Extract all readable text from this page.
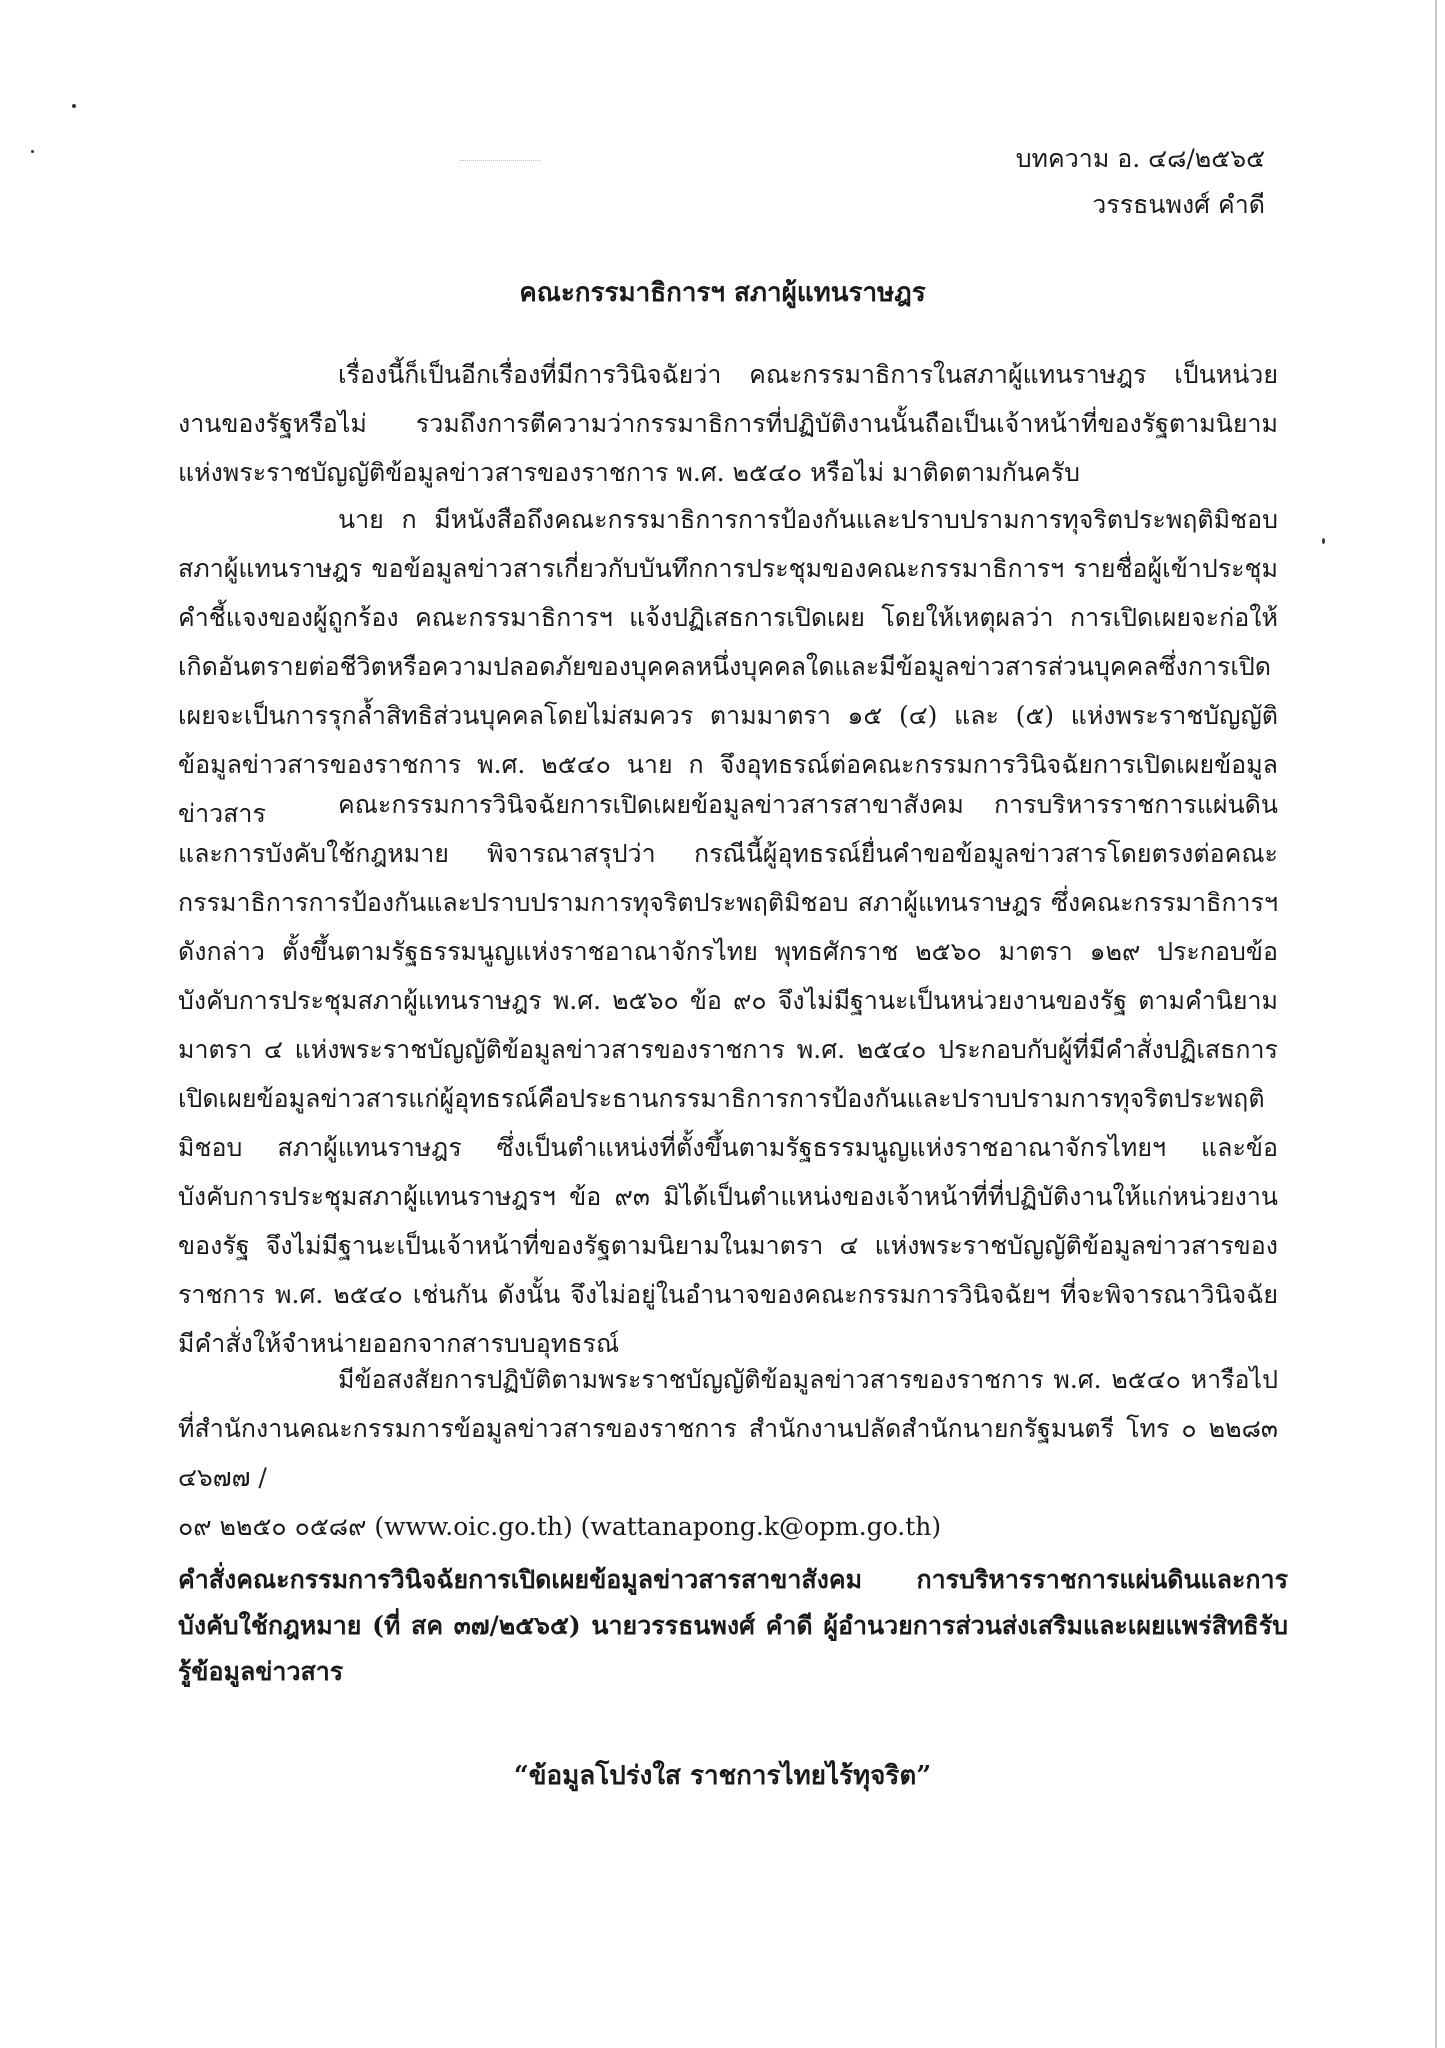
บทความ อ. ๔๘/๒๕๖๕
วรรธนพงศ์ คำดี
คณะกรรมาธิการฯ สภาผู้แทนราษฎร

เรื่องนี้ก็เป็นอีกเรื่องที่มีการวินิจฉัยว่า คณะกรรมาธิการในสภาผู้แทนราษฎร เป็นหน่วยงานของรัฐหรือไม่ รวมถึงการตีความว่ากรรมาธิการที่ปฏิบัติงานนั้นถือเป็นเจ้าหน้าที่ของรัฐตามนิยามแห่งพระราชบัญญัติข้อมูลข่าวสารของราชการ พ.ศ. ๒๕๔๐ หรือไม่ มาติดตามกันครับ

นาย ก มีหนังสือถึงคณะกรรมาธิการการป้องกันและปราบปรามการทุจริตประพฤติมิชอบ สภาผู้แทนราษฎร ขอข้อมูลข่าวสารเกี่ยวกับบันทึกการประชุมของคณะกรรมาธิการฯ รายชื่อผู้เข้าประชุม คำชี้แจงของผู้ถูกร้อง คณะกรรมาธิการฯ แจ้งปฏิเสธการเปิดเผย โดยให้เหตุผลว่า การเปิดเผยจะก่อให้เกิดอันตรายต่อชีวิตหรือความปลอดภัยของบุคคลหนึ่งบุคคลใดและมีข้อมูลข่าวสารส่วนบุคคลซึ่งการเปิดเผยจะเป็นการรุกล้ำสิทธิส่วนบุคคลโดยไม่สมควร ตามมาตรา ๑๕ (๔) และ (๕) แห่งพระราชบัญญัติข้อมูลข่าวสารของราชการ พ.ศ. ๒๕๔๐ นาย ก จึงอุทธรณ์ต่อคณะกรรมการวินิจฉัยการเปิดเผยข้อมูลข่าวสาร	คณะกรรมการวินิจฉัยการเปิดเผยข้อมูลข่าวสารสาขาสังคม การบริหารราชการแผ่นดินและการบังคับใช้กฎหมาย พิจารณาสรุปว่า กรณีนี้ผู้อุทธรณ์ยื่นคำขอข้อมูลข่าวสารโดยตรงต่อคณะกรรมาธิการการป้องกันและปราบปรามการทุจริตประพฤติมิชอบ สภาผู้แทนราษฎร ซึ่งคณะกรรมาธิการฯ ดังกล่าว ตั้งขึ้นตามรัฐธรรมนูญแห่งราชอาณาจักรไทย พุทธศักราช ๒๕๖๐ มาตรา ๑๒๙ ประกอบข้อบังคับการประชุมสภาผู้แทนราษฎร พ.ศ. ๒๕๖๐ ข้อ ๙๐ จึงไม่มีฐานะเป็นหน่วยงานของรัฐ ตามคำนิยามมาตรา ๔ แห่งพระราชบัญญัติข้อมูลข่าวสารของราชการ พ.ศ. ๒๕๔๐ ประกอบกับผู้ที่มีคำสั่งปฏิเสธการเปิดเผยข้อมูลข่าวสารแก่ผู้อุทธรณ์คือประธานกรรมาธิการการป้องกันและปราบปรามการทุจริตประพฤติมิชอบ สภาผู้แทนราษฎร ซึ่งเป็นตำแหน่งที่ตั้งขึ้นตามรัฐธรรมนูญแห่งราชอาณาจักรไทยฯ และข้อบังคับการประชุมสภาผู้แทนราษฎรฯ ข้อ ๙๓ มิได้เป็นตำแหน่งของเจ้าหน้าที่ที่ปฏิบัติงานให้แก่หน่วยงานของรัฐ จึงไม่มีฐานะเป็นเจ้าหน้าที่ของรัฐตามนิยามในมาตรา ๔ แห่งพระราชบัญญัติข้อมูลข่าวสารของราชการ พ.ศ. ๒๕๔๐ เช่นกัน ดังนั้น จึงไม่อยู่ในอำนาจของคณะกรรมการวินิจฉัยฯ ที่จะพิจารณาวินิจฉัย มีคำสั่งให้จำหน่ายออกจากสารบบอุทธรณ์

มีข้อสงสัยการปฏิบัติตามพระราชบัญญัติข้อมูลข่าวสารของราชการ พ.ศ. ๒๕๔๐ หารือไปที่สำนักงานคณะกรรมการข้อมูลข่าวสารของราชการ สำนักงานปลัดสำนักนายกรัฐมนตรี โทร ๐ ๒๒๘๓ ๔๖๗๗ /

๐๙ ๒๒๕๐ ๐๕๘๙ (www.oic.go.th) (wattanapong.k@opm.go.th)
คำสั่งคณะกรรมการวินิจฉัยการเปิดเผยข้อมูลข่าวสารสาขาสังคม การบริหารราชการแผ่นดินและการบังคับใช้กฎหมาย (ที่ สค ๓๗/๒๕๖๕) นายวรรธนพงศ์ คำดี ผู้อำนวยการส่วนส่งเสริมและเผยแพร่สิทธิรับรู้ข้อมูลข่าวสาร
“ข้อมูลโปร่งใส ราชการไทยไร้ทุจริต”
